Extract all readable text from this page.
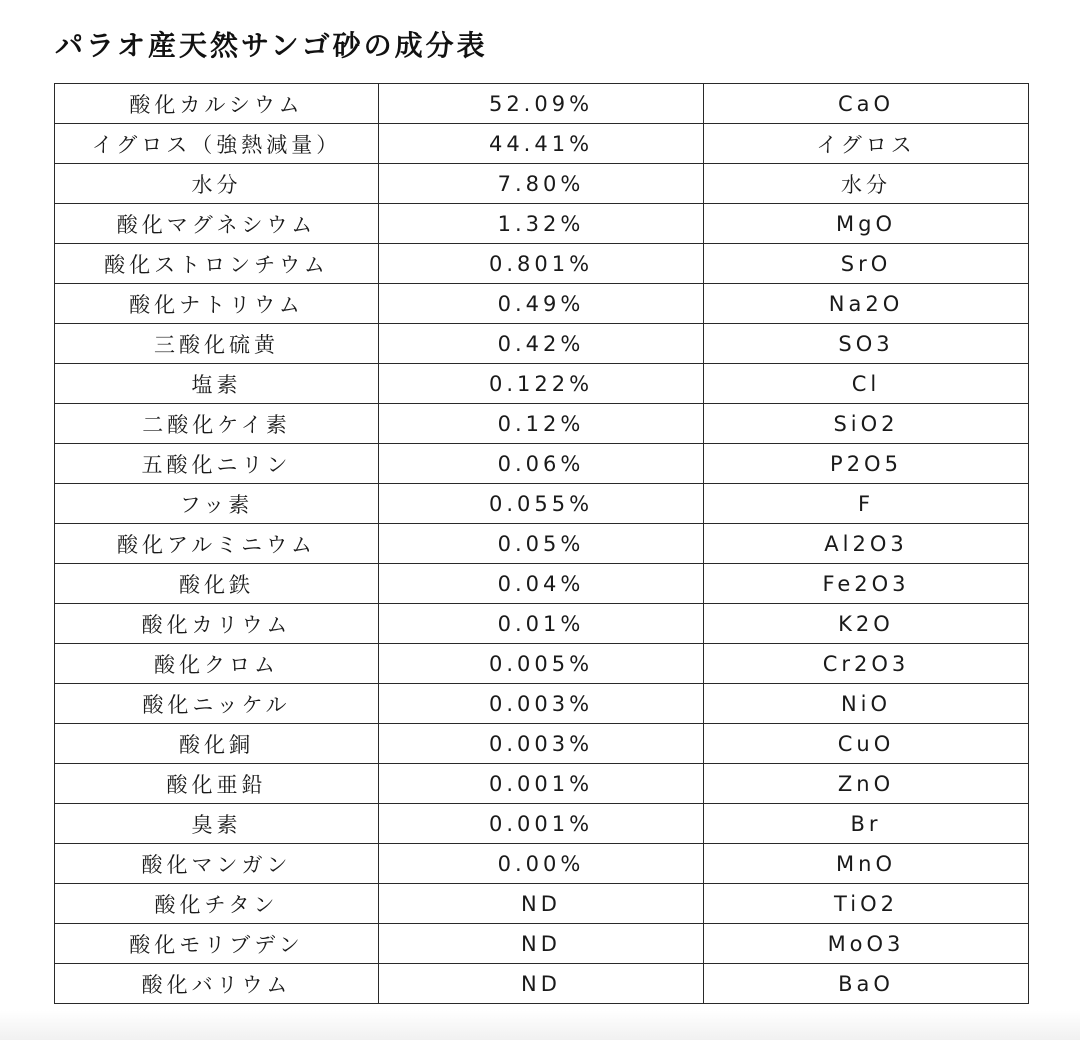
パラオ産天然サンゴ砂の成分表
酸化カルシウム	52.09%	CaO
イグロス（強熱減量）	44.41%	イグロス
水分	7.80%	水分
酸化マグネシウム	1.32%	MgO
酸化ストロンチウム	0.801%	SrO
酸化ナトリウム	0.49%	Na2O
三酸化硫黄	0.42%	SO3
塩素	0.122%	Cl
二酸化ケイ素	0.12%	SiO2
五酸化ニリン	0.06%	P2O5
フッ素	0.055%	F
酸化アルミニウム	0.05%	Al2O3
酸化鉄	0.04%	Fe2O3
酸化カリウム	0.01%	K2O
酸化クロム	0.005%	Cr2O3
酸化ニッケル	0.003%	NiO
酸化銅	0.003%	CuO
酸化亜鉛	0.001%	ZnO
臭素	0.001%	Br
酸化マンガン	0.00%	MnO
酸化チタン	ND	TiO2
酸化モリブデン	ND	MoO3
酸化バリウム	ND	BaO
